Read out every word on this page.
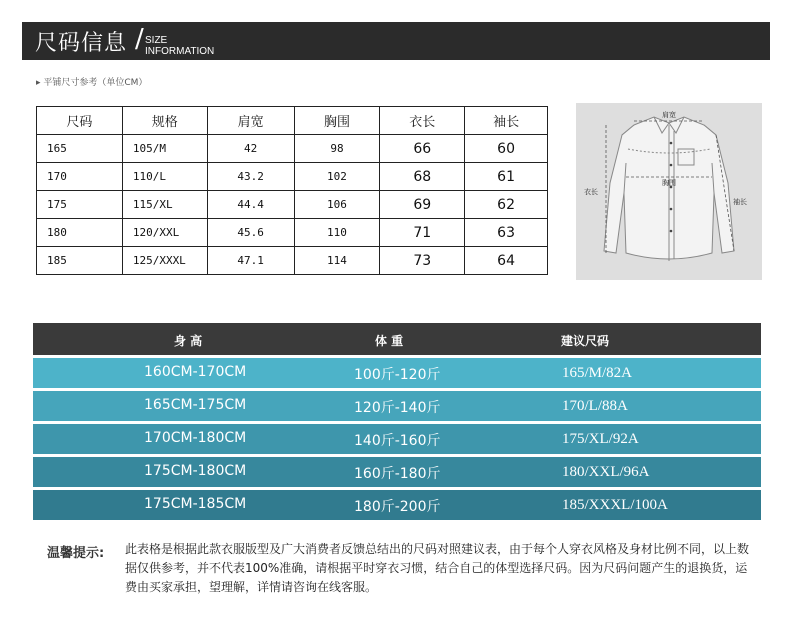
尺码信息 / SIZE
INFORMATION
▸ 平铺尺寸参考（单位CM）
尺码	规格	肩宽	胸围	衣长	袖长
165	105/M	42	98	66	60
170	110/L	43.2	102	68	61
175	115/XL	44.4	106	69	62
180	120/XXL	45.6	110	71	63
185	125/XXXL	47.1	114	73	64
肩宽
胸围
衣长
袖长
身 高	体 重	建议尺码
160CM-170CM	100斤-120斤	165/M/82A
165CM-175CM	120斤-140斤	170/L/88A
170CM-180CM	140斤-160斤	175/XL/92A
175CM-180CM	160斤-180斤	180/XXL/96A
175CM-185CM	180斤-200斤	185/XXXL/100A
温馨提示: 此表格是根据此款衣服版型及广大消费者反馈总结出的尺码对照建议表，由于每个人穿衣风格及身材比例不同，以上数据仅供参考，并不代表100%准确，请根据平时穿衣习惯，结合自己的体型选择尺码。因为尺码问题产生的退换货，运费由买家承担，望理解，详情请咨询在线客服。
